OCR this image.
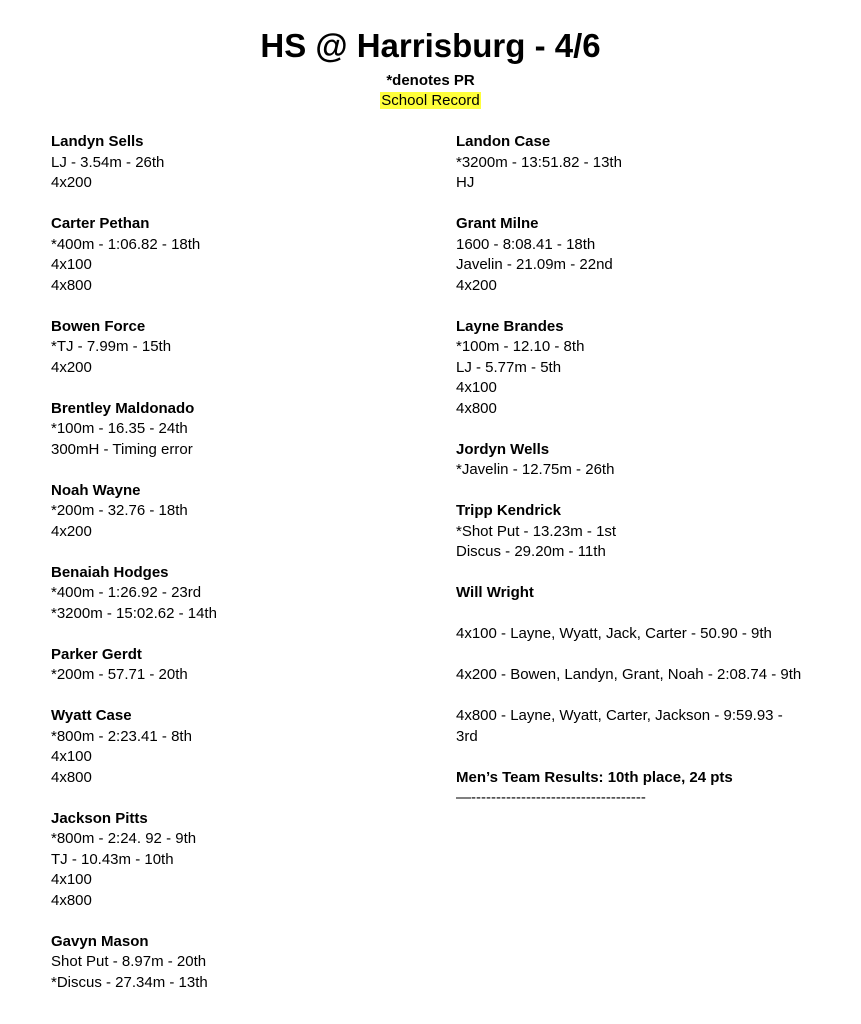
HS @ Harrisburg - 4/6
*denotes PR
School Record
Landyn Sells
LJ - 3.54m - 26th
4x200
Carter Pethan
*400m - 1:06.82 - 18th
4x100
4x800
Bowen Force
*TJ - 7.99m - 15th
4x200
Brentley Maldonado
*100m - 16.35 - 24th
300mH - Timing error
Noah Wayne
*200m - 32.76 - 18th
4x200
Benaiah Hodges
*400m - 1:26.92 - 23rd
*3200m - 15:02.62 - 14th
Parker Gerdt
*200m - 57.71 - 20th
Wyatt Case
*800m - 2:23.41 - 8th
4x100
4x800
Jackson Pitts
*800m - 2:24. 92 - 9th
TJ - 10.43m - 10th
4x100
4x800
Gavyn Mason
Shot Put - 8.97m - 20th
*Discus - 27.34m - 13th
Landon Case
*3200m - 13:51.82 - 13th
HJ
Grant Milne
1600 - 8:08.41 - 18th
Javelin - 21.09m - 22nd
4x200
Layne Brandes
*100m - 12.10 - 8th
LJ - 5.77m - 5th
4x100
4x800
Jordyn Wells
*Javelin - 12.75m - 26th
Tripp Kendrick
*Shot Put - 13.23m - 1st
Discus - 29.20m - 11th
Will Wright
4x100 - Layne, Wyatt, Jack, Carter - 50.90 - 9th
4x200 - Bowen, Landyn, Grant, Noah - 2:08.74 - 9th
4x800 - Layne, Wyatt, Carter, Jackson - 9:59.93 - 3rd
Men’s Team Results: 10th place, 24 pts
—-----------------------------------
